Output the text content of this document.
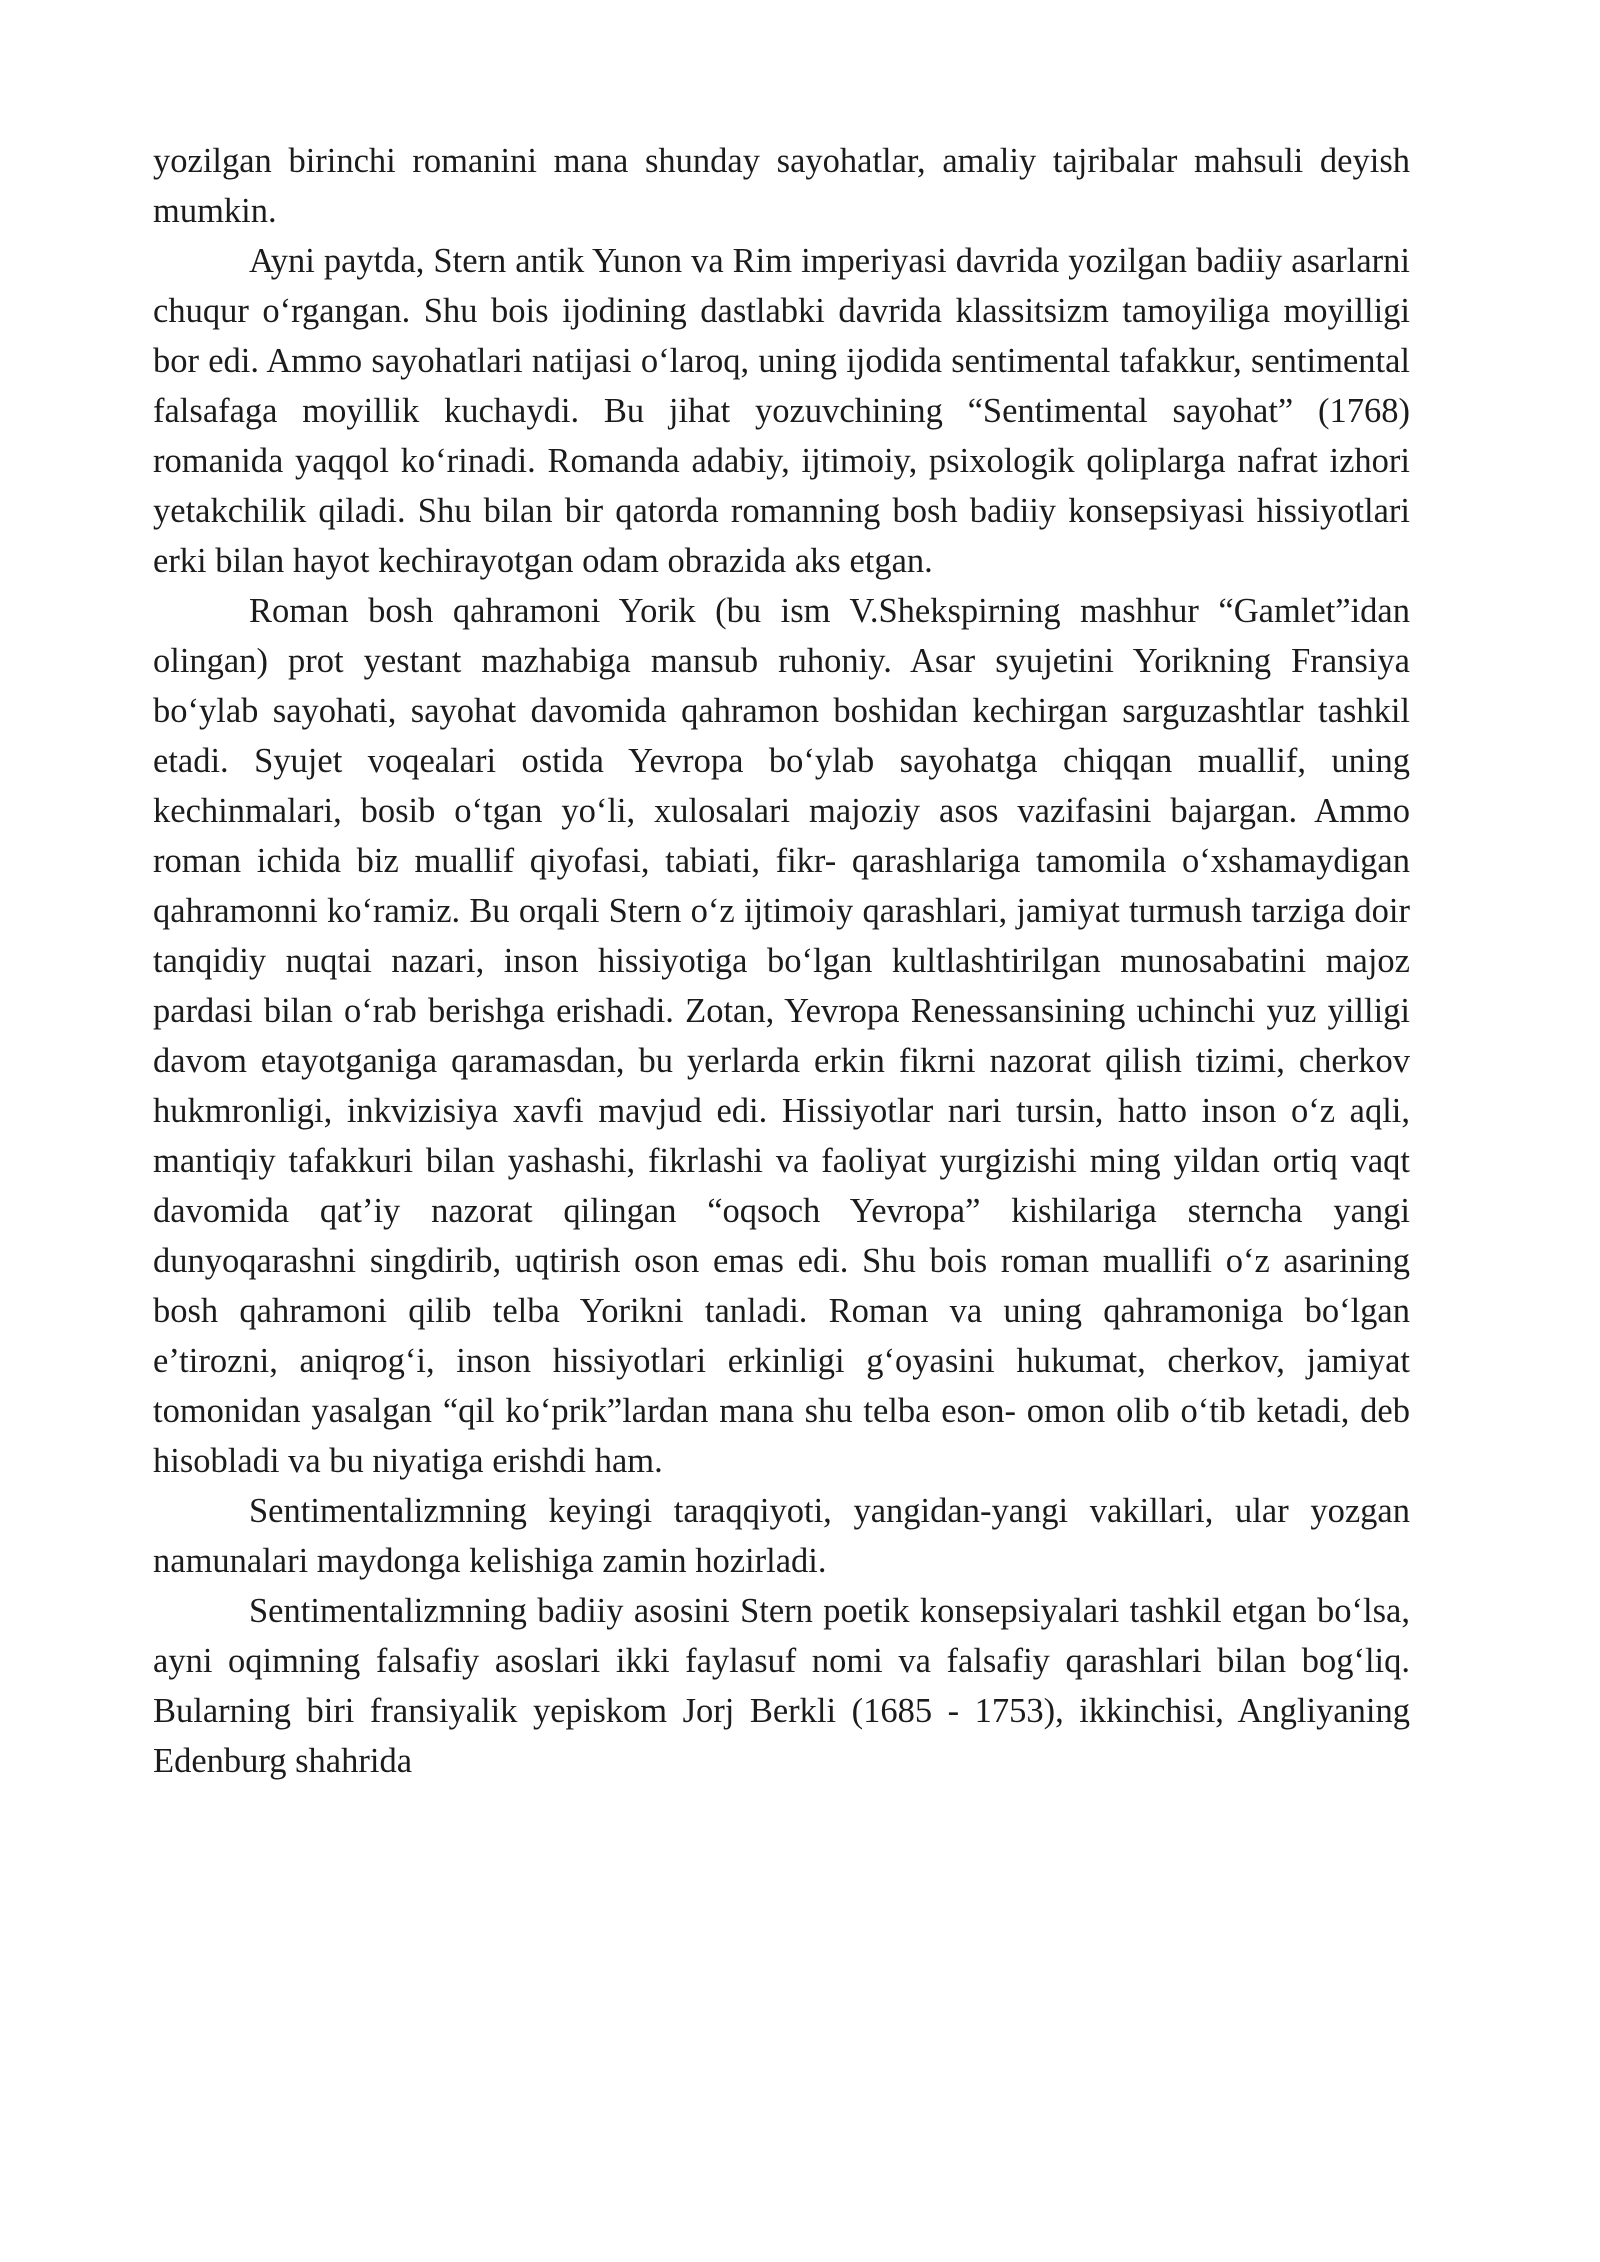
yozilgan birinchi romanini mana shunday sayohatlar, amaliy tajribalar mahsuli deyish mumkin.

Ayni paytda, Stern antik Yunon va Rim imperiyasi davrida yozilgan badiiy asarlarni chuqur o‘rgangan. Shu bois ijodining dastlabki davrida klassitsizm tamoyiliga moyilligi bor edi. Ammo sayohatlari natijasi o‘laroq, uning ijodida sentimental tafakkur, sentimental falsafaga moyillik kuchaydi. Bu jihat yozuvchining “Sentimental sayohat” (1768) romanida yaqqol ko‘rinadi. Romanda adabiy, ijtimoiy, psixologik qoliplarga nafrat izhori yetakchilik qiladi. Shu bilan bir qatorda romanning bosh badiiy konsepsiyasi hissiyotlari erki bilan hayot kechirayotgan odam obrazida aks etgan.

Roman bosh qahramoni Yorik (bu ism V.Shekspirning mashhur “Gamlet”idan olingan) prot yestant mazhabiga mansub ruhoniy. Asar syujetini Yorikning Fransiya bo‘ylab sayohati, sayohat davomida qahramon boshidan kechirgan sarguzashtlar tashkil etadi. Syujet voqealari ostida Yevropa bo‘ylab sayohatga chiqqan muallif, uning kechinmalari, bosib o‘tgan yo‘li, xulosalari majoziy asos vazifasini bajargan. Ammo roman ichida biz muallif qiyofasi, tabiati, fikr- qarashlariga tamomila o‘xshamaydigan qahramonni ko‘ramiz. Bu orqali Stern o‘z ijtimoiy qarashlari, jamiyat turmush tarziga doir tanqidiy nuqtai nazari, inson hissiyotiga bo‘lgan kultlashtirilgan munosabatini majoz pardasi bilan o‘rab berishga erishadi. Zotan, Yevropa Renessansining uchinchi yuz yilligi davom etayotganiga qaramasdan, bu yerlarda erkin fikrni nazorat qilish tizimi, cherkov hukmronligi, inkvizisiya xavfi mavjud edi. Hissiyotlar nari tursin, hatto inson o‘z aqli, mantiqiy tafakkuri bilan yashashi, fikrlashi va faoliyat yurgizishi ming yildan ortiq vaqt davomida qat’iy nazorat qilingan “oqsoch Yevropa” kishilariga sterncha yangi dunyoqarashni singdirib, uqtirish oson emas edi. Shu bois roman muallifi o‘z asarining bosh qahramoni qilib telba Yorikni tanladi. Roman va uning qahramoniga bo‘lgan e’tirozni, aniqrog‘i, inson hissiyotlari erkinligi g‘oyasini hukumat, cherkov, jamiyat tomonidan yasalgan “qil ko‘prik”lardan mana shu telba eson- omon olib o‘tib ketadi, deb hisobladi va bu niyatiga erishdi ham.

Sentimentalizmning keyingi taraqqiyoti, yangidan-yangi vakillari, ular yozgan namunalari maydonga kelishiga zamin hozirladi.

Sentimentalizmning badiiy asosini Stern poetik konsepsiyalari tashkil etgan bo‘lsa, ayni oqimning falsafiy asoslari ikki faylasuf nomi va falsafiy qarashlari bilan bog‘liq. Bularning biri fransiyalik yepiskom Jorj Berkli (1685 - 1753), ikkinchisi, Angliyaning Edenburg shahrida
